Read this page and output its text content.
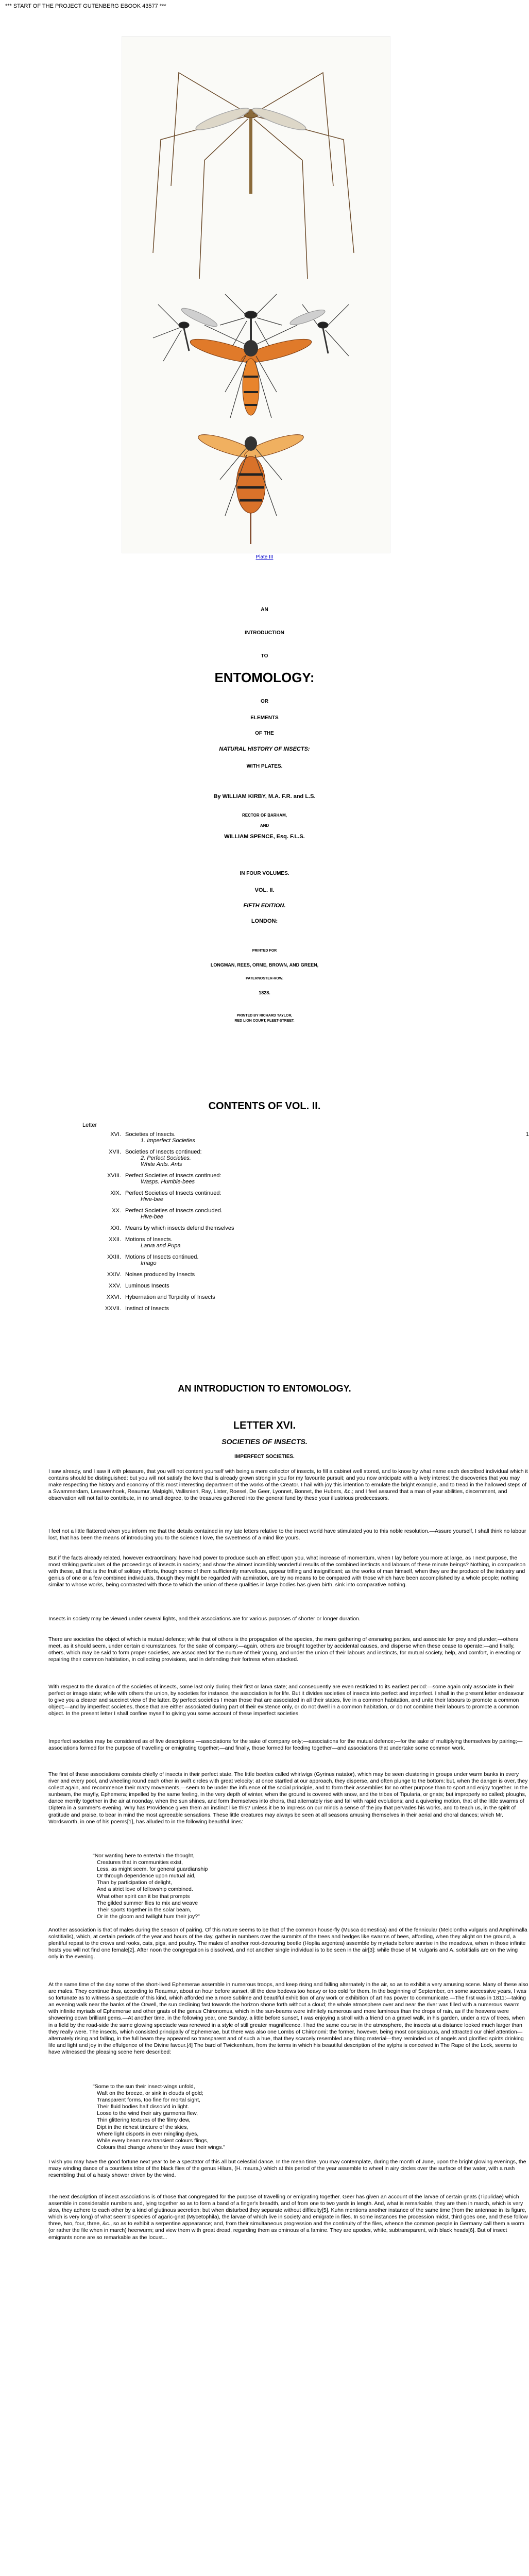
*** START OF THE PROJECT GUTENBERG EBOOK 43577 ***
Plate III
AN
INTRODUCTION
TO
ENTOMOLOGY:
OR
ELEMENTS
OF THE
NATURAL HISTORY OF INSECTS:
WITH PLATES.
By WILLIAM KIRBY, M.A. F.R. and L.S.
RECTOR OF BARHAM,
AND
WILLIAM SPENCE, Esq. F.L.S.
IN FOUR VOLUMES.
VOL. II.
FIFTH EDITION.
LONDON:
PRINTED FOR
LONGMAN, REES, ORME, BROWN, AND GREEN,
PATERNOSTER-ROW.
1828.
PRINTED BY RICHARD TAYLOR,
RED LION COURT, FLEET-STREET.
CONTENTS OF VOL. II.
Letter
XVI.	Societies of Insects.
1. Imperfect Societies	1

XVII.	Societies of Insects continued:
2. Perfect Societies.
White Ants. Ants	

XVIII.	Perfect Societies of Insects continued:
Wasps. Humble-bees	

XIX.	Perfect Societies of Insects continued:
Hive-bee	

XX.	Perfect Societies of Insects concluded.
Hive-bee	

XXI.	Means by which insects defend themselves	

XXII.	Motions of Insects.
Larva and Pupa	

XXIII.	Motions of Insects continued.
Imago	

XXIV.	Noises produced by Insects	

XXV.	Luminous Insects	

XXVI.	Hybernation and Torpidity of Insects	

XXVII.	Instinct of Insects	

AN INTRODUCTION TO ENTOMOLOGY.
LETTER XVI.
SOCIETIES OF INSECTS.
IMPERFECT SOCIETIES.
I saw already, and I saw it with pleasure, that you will not content yourself with being a mere collector of insects, to fill a cabinet well stored, and to know by what name each described individual which it contains should be distinguished: but you will not satisfy the love that is already grown strong in you for my favourite pursuit; and you now anticipate with a lively interest the discoveries that you may make respecting the history and economy of this most interesting department of the works of the Creator. I hail with joy this intention to emulate the bright example, and to tread in the hallowed steps of a Swammerdam, Leeuwenhoek, Reaumur, Malpighi, Vallisnieri, Ray, Lister, Roesel, De Geer, Lyonnet, Bonnet, the Hubers, &c.; and I feel assured that a man of your abilities, discernment, and observation will not fail to contribute, in no small degree, to the treasures gathered into the general fund by these your illustrious predecessors.
I feel not a little flattered when you inform me that the details contained in my late letters relative to the insect world have stimulated you to this noble resolution.—Assure yourself, I shall think no labour lost, that has been the means of introducing you to the science I love, the sweetness of a mind like yours.
But if the facts already related, however extraordinary, have had power to produce such an effect upon you, what increase of momentum, when I lay before you more at large, as I next purpose, the most striking particulars of the proceedings of insects in society; and show the almost incredibly wonderful results of the combined instincts and labours of these minute beings? Nothing, in comparison with these, all that is the fruit of solitary efforts, though some of them sufficiently marvellous, appear trifling and insignificant; as the works of man himself, when they are the produce of the industry and genius of one or a few combined individuals, though they might be regarded with admiration, are by no means to be compared with those which have been accomplished by a whole people; nothing similar to whose works, being contrasted with those to which the union of these qualities in large bodies has given birth, sink into comparative nothing.
Insects in society may be viewed under several lights, and their associations are for various purposes of shorter or longer duration.
There are societies the object of which is mutual defence; while that of others is the propagation of the species, the mere gathering of ensnaring parties, and associate for prey and plunder;—others meet, as it should seem, under certain circumstances, for the sake of company:—again, others are brought together by accidental causes, and disperse when these cease to operate:—and finally, others, which may be said to form proper societies, are associated for the nurture of their young, and under the union of their labours and instincts, for mutual society, help, and comfort, in erecting or repairing their common habitation, in collecting provisions, and in defending their fortress when attacked.
With respect to the duration of the societies of insects, some last only during their first or larva state; and consequently are even restricted to its earliest period:—some again only associate in their perfect or imago state; while with others the union, by societies for instance, the association is for life. But it divides societies of insects into perfect and imperfect. I shall in the present letter endeavour to give you a clearer and succinct view of the latter. By perfect societies I mean those that are associated in all their states, live in a common habitation, and unite their labours to promote a common object;—and by imperfect societies, those that are either associated during part of their existence only, or do not dwell in a common habitation, or do not combine their labours to promote a common object. In the present letter I shall confine myself to giving you some account of these imperfect societies.
Imperfect societies may be considered as of five descriptions:—associations for the sake of company only;—associations for the mutual defence;—for the sake of multiplying themselves by pairing;—associations formed for the purpose of travelling or emigrating together;—and finally, those formed for feeding together—and associations that undertake some common work.
The first of these associations consists chiefly of insects in their perfect state. The little beetles called whirlwigs (Gyrinus natator), which may be seen clustering in groups under warm banks in every river and every pool, and wheeling round each other in swift circles with great velocity; at once startled at our approach, they disperse, and often plunge to the bottom: but, when the danger is over, they collect again, and recommence their mazy movements,—seem to be under the influence of the social principle, and to form their assemblies for no other purpose than to sport and enjoy together. In the sunbeam, the mayfly, Ephemera; impelled by the same feeling, in the very depth of winter, when the ground is covered with snow, and the tribes of Tipularia, or gnats; but improperly so called; ploughs, dance merrily together in the air at noonday, when the sun shines, and form themselves into choirs, that alternately rise and fall with rapid evolutions; and a quivering motion, that of the little swarms of Diptera in a summer's evening. Why has Providence given them an instinct like this? unless it be to impress on our minds a sense of the joy that pervades his works, and to teach us, in the spirit of gratitude and praise, to bear in mind the most agreeable sensations. These little creatures may always be seen at all seasons amusing themselves in their aerial and choral dances; which Mr. Wordsworth, in one of his poems[1], has alluded to in the following beautiful lines:
"Nor wanting here to entertain the thought,
Creatures that in communities exist,
Less, as might seem, for general guardianship
Or through dependence upon mutual aid,
Than by participation of delight,
And a strict love of fellowship combined.
What other spirit can it be that prompts
The gilded summer flies to mix and weave
Their sports together in the solar beam,
Or in the gloom and twilight hum their joy?"
Another association is that of males during the season of pairing. Of this nature seems to be that of the common house-fly (Musca domestica) and of the fennicular (Melolontha vulgaris and Amphimalla solstitialis), which, at certain periods of the year and hours of the day, gather in numbers over the summits of the trees and hedges like swarms of bees, affording, when they alight on the ground, a plentiful repast to the crows and rooks, cats, pigs, and poultry. The males of another root-devouring beetle (Hoplia argentea) assemble by myriads before sunrise in the meadows, when in those infinite hosts you will not find one female[2]. After noon the congregation is dissolved, and not another single individual is to be seen in the air[3]: while those of M. vulgaris and A. solstitialis are on the wing only in the evening.
At the same time of the day some of the short-lived Ephemerae assemble in numerous troops, and keep rising and falling alternately in the air, so as to exhibit a very amusing scene. Many of these also are males. They continue thus, according to Reaumur, about an hour before sunset, till the dew bedews too heavy or too cold for them. In the beginning of September, on some successive years, I was so fortunate as to witness a spectacle of this kind, which afforded me a more sublime and beautiful exhibition of any work or exhibition of art has power to communicate.—The first was in 1811:—taking an evening walk near the banks of the Orwell, the sun declining fast towards the horizon shone forth without a cloud; the whole atmosphere over and near the river was filled with a numerous swarm with infinite myriads of Ephemerae and other gnats of the genus Chironomus, which in the sun-beams were infinitely numerous and more luminous than the drops of rain, as if the heavens were showering down brilliant gems.—At another time, in the following year, one Sunday, a little before sunset, I was enjoying a stroll with a friend on a gravel walk, in his garden, under a row of trees, when in a field by the road-side the same glowing spectacle was renewed in a style of still greater magnificence. I had the same course in the atmosphere, the insects at a distance looked much larger than they really were. The insects, which consisted principally of Ephemerae, but there was also one Lombs of Chironomi: the former, however, being most conspicuous, and attracted our chief attention—alternately rising and falling, in the full beam they appeared so transparent and of such a hue, that they scarcely resembled any thing material—they reminded us of angels and glorified spirits drinking life and light and joy in the effulgence of the Divine favour.[4] The bard of Twickenham, from the terms in which his beautiful description of the sylphs is conceived in The Rape of the Lock, seems to have witnessed the pleasing scene here described:
"Some to the sun their insect-wings unfold,
Waft on the breeze, or sink in clouds of gold;
Transparent forms, too fine for mortal sight,
Their fluid bodies half dissolv'd in light.
Loose to the wind their airy garments flew,
Thin glittering textures of the filmy dew,
Dipt in the richest tincture of the skies,
Where light disports in ever mingling dyes,
While every beam new transient colours flings,
Colours that change whene'er they wave their wings."
I wish you may have the good fortune next year to be a spectator of this all but celestial dance. In the mean time, you may contemplate, during the month of June, upon the bright glowing evenings, the mazy winding dance of a countless tribe of the black flies of the genus Hilara, (H. maura,) which at this period of the year assemble to wheel in airy circles over the surface of the water, with a rush resembling that of a hasty shower driven by the wind.
The next description of insect associations is of those that congregated for the purpose of travelling or emigrating together. Geer has given an account of the larvae of certain gnats (Tipulidae) which assemble in considerable numbers and, lying together so as to form a band of a finger's breadth, and of from one to two yards in length. And, what is remarkable, they are then in march, which is very slow, they adhere to each other by a kind of glutinous secretion; but when disturbed they separate without difficulty[5]. Kuhn mentions another instance of the same time (from the antennae in its figure, which is very long) of what seem'd species of agaric-gnat (Mycetophila), the larvae of which live in society and emigrate in files. In some instances the procession midst, third goes one, and these follow three, two, four, three, &c., so as to exhibit a serpentine appearance; and, from their simultaneous progression and the continuity of the files, whence the common people in Germany call them a worm (or rather the file when in march) heerwurm; and view them with great dread, regarding them as ominous of a famine. They are apodes, white, subtransparent, with black heads[6]. But of insect emigrants none are so remarkable as the locust...
